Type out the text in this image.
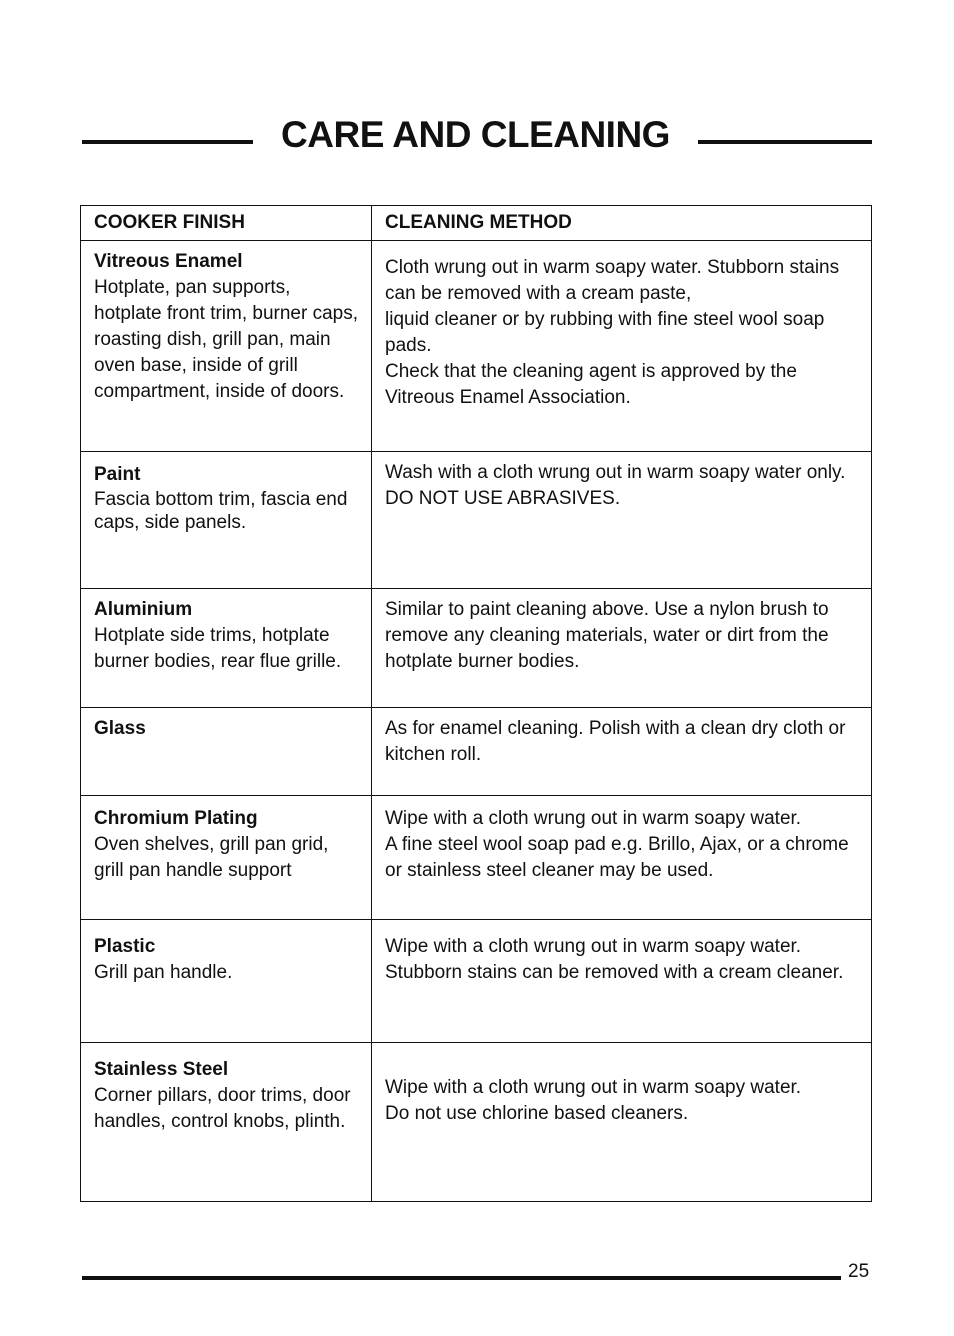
CARE AND CLEANING
COOKER FINISH	CLEANING METHOD

Vitreous Enamel
Hotplate, pan supports, hotplate front trim, burner caps, roasting dish, grill pan, main oven base, inside of grill compartment, inside of doors.	Cloth wrung out in warm soapy water. Stubborn stains can be removed with a cream paste,
liquid cleaner or by rubbing with fine steel wool soap pads.
Check that the cleaning agent is approved by the Vitreous Enamel Association.

Paint
Fascia bottom trim, fascia end caps, side panels.	Wash with a cloth wrung out in warm soapy water only.
DO NOT USE ABRASIVES.

Aluminium
Hotplate side trims, hotplate burner bodies, rear flue grille.	Similar to paint cleaning above. Use a nylon brush to remove any cleaning materials, water or dirt from the hotplate burner bodies.

Glass	As for enamel cleaning. Polish with a clean dry cloth or kitchen roll.

Chromium Plating
Oven shelves, grill pan grid, grill pan handle support	Wipe with a cloth wrung out in warm soapy water.
A fine steel wool soap pad e.g. Brillo, Ajax, or a chrome or stainless steel cleaner may be used.

Plastic
Grill pan handle.	Wipe with a cloth wrung out in warm soapy water.
Stubborn stains can be removed with a cream cleaner.

Stainless Steel
Corner pillars, door trims, door handles, control knobs, plinth.	Wipe with a cloth wrung out in warm soapy water.
Do not use chlorine based cleaners.
25
